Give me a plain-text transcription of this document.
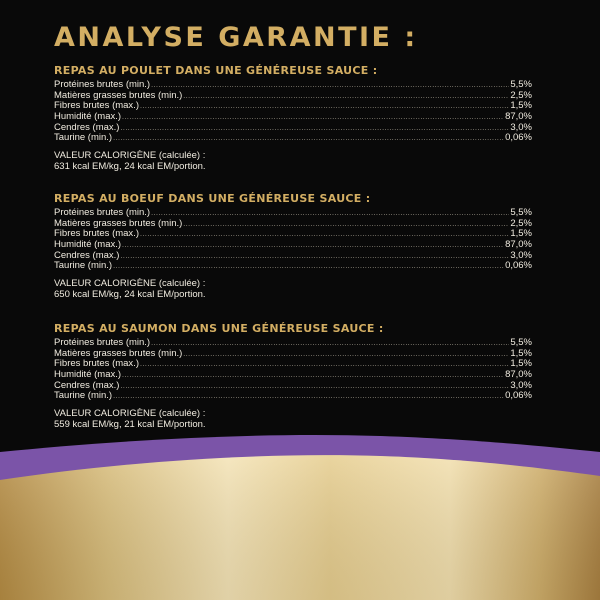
ANALYSE GARANTIE :
REPAS AU POULET DANS UNE GÉNÉREUSE SAUCE :
Protéines brutes (min.) .....	5,5%
Matières grasses brutes (min.) .....	2,5%
Fibres brutes (max.) .....	1,5%
Humidité (max.) .....	87,0%
Cendres (max.) .....	3,0%
Taurine (min.) .....	0,06%
VALEUR CALORIGÈNE (calculée) :
631 kcal EM/kg, 24 kcal EM/portion.
REPAS AU BOEUF DANS UNE GÉNÉREUSE SAUCE :
Protéines brutes (min.) .....	5,5%
Matières grasses brutes (min.) .....	2,5%
Fibres brutes (max.) .....	1,5%
Humidité (max.) .....	87,0%
Cendres (max.) .....	3,0%
Taurine (min.) .....	0,06%
VALEUR CALORIGÈNE (calculée) :
650 kcal EM/kg, 24 kcal EM/portion.
REPAS AU SAUMON DANS UNE GÉNÉREUSE SAUCE :
Protéines brutes (min.) .....	5,5%
Matières grasses brutes (min.) .....	1,5%
Fibres brutes (max.) .....	1,5%
Humidité (max.) .....	87,0%
Cendres (max.) .....	3,0%
Taurine (min.) .....	0,06%
VALEUR CALORIGÈNE (calculée) :
559 kcal EM/kg, 21 kcal EM/portion.
